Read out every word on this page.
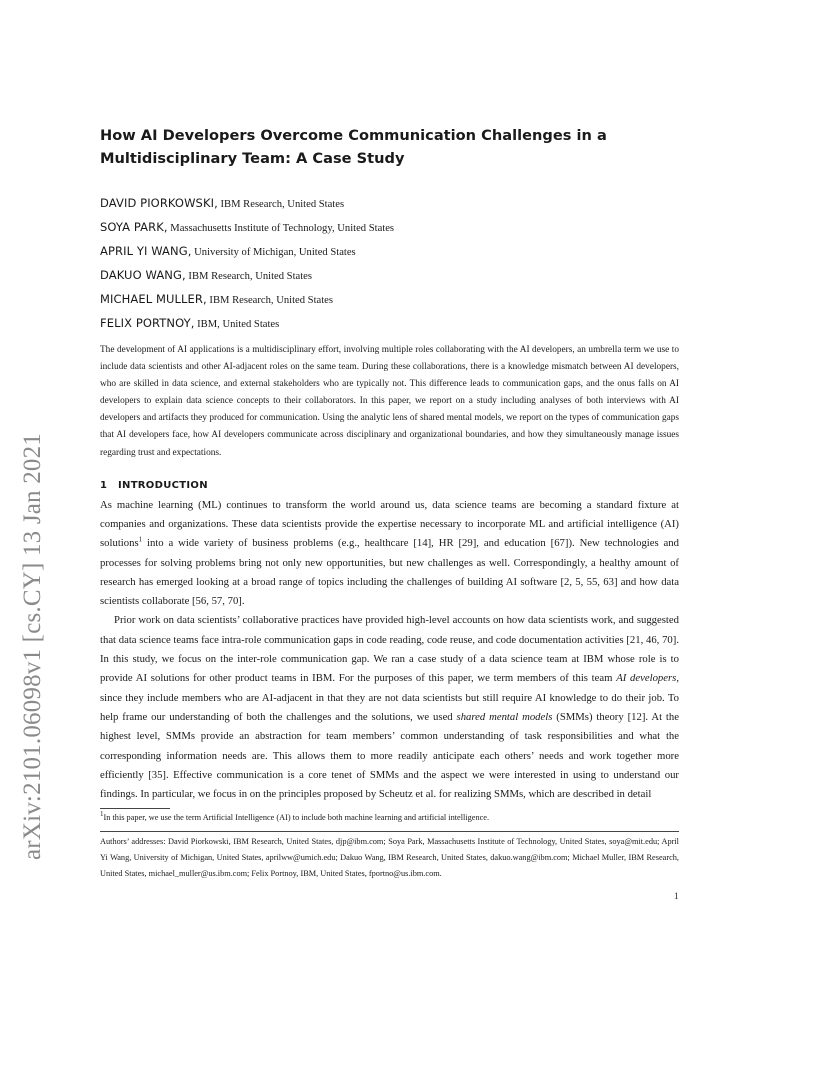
arXiv:2101.06098v1 [cs.CY] 13 Jan 2021
How AI Developers Overcome Communication Challenges in a
Multidisciplinary Team: A Case Study
DAVID PIORKOWSKI, IBM Research, United States
SOYA PARK, Massachusetts Institute of Technology, United States
APRIL YI WANG, University of Michigan, United States
DAKUO WANG, IBM Research, United States
MICHAEL MULLER, IBM Research, United States
FELIX PORTNOY, IBM, United States
The development of AI applications is a multidisciplinary effort, involving multiple roles collaborating with the AI developers, an umbrella term we use to include data scientists and other AI-adjacent roles on the same team. During these collaborations, there is a knowledge mismatch between AI developers, who are skilled in data science, and external stakeholders who are typically not. This difference leads to communication gaps, and the onus falls on AI developers to explain data science concepts to their collaborators. In this paper, we report on a study including analyses of both interviews with AI developers and artifacts they produced for communication. Using the analytic lens of shared mental models, we report on the types of communication gaps that AI developers face, how AI developers communicate across disciplinary and organizational boundaries, and how they simultaneously manage issues regarding trust and expectations.
1 INTRODUCTION

As machine learning (ML) continues to transform the world around us, data science teams are becoming a standard fixture at companies and organizations. These data scientists provide the expertise necessary to incorporate ML and artificial intelligence (AI) solutions$^1$ into a wide variety of business problems (e.g., healthcare [14], HR [29], and education [67]). New technologies and processes for solving problems bring not only new opportunities, but new challenges as well. Correspondingly, a healthy amount of research has emerged looking at a broad range of topics including the challenges of building AI software [2, 5, 55, 63] and how data scientists collaborate [56, 57, 70].

Prior work on data scientists’ collaborative practices have provided high-level accounts on how data scientists work, and suggested that data science teams face intra-role communication gaps in code reading, code reuse, and code documentation activities [21, 46, 70]. In this study, we focus on the inter-role communication gap. We ran a case study of a data science team at IBM whose role is to provide AI solutions for other product teams in IBM. For the purposes of this paper, we term members of this team AI developers, since they include members who are AI-adjacent in that they are not data scientists but still require AI knowledge to do their job. To help frame our understanding of both the challenges and the solutions, we used shared mental models (SMMs) theory [12]. At the highest level, SMMs provide an abstraction for team members’ common understanding of task responsibilities and what the corresponding information needs are. This allows them to more readily anticipate each others’ needs and work together more efficiently [35]. Effective communication is a core tenet of SMMs and the aspect we were interested in using to understand our findings. In particular, we focus in on the principles proposed by Scheutz et al. for realizing SMMs, which are described in detail

$^1$In this paper, we use the term Artificial Intelligence (AI) to include both machine learning and artificial intelligence.
Authors’ addresses: David Piorkowski, IBM Research, United States, djp@ibm.com; Soya Park, Massachusetts Institute of Technology, United States, soya@mit.edu; April Yi Wang, University of Michigan, United States, aprilww@umich.edu; Dakuo Wang, IBM Research, United States, dakuo.wang@ibm.com; Michael Muller, IBM Research, United States, michael_muller@us.ibm.com; Felix Portnoy, IBM, United States, fportno@us.ibm.com.
1
